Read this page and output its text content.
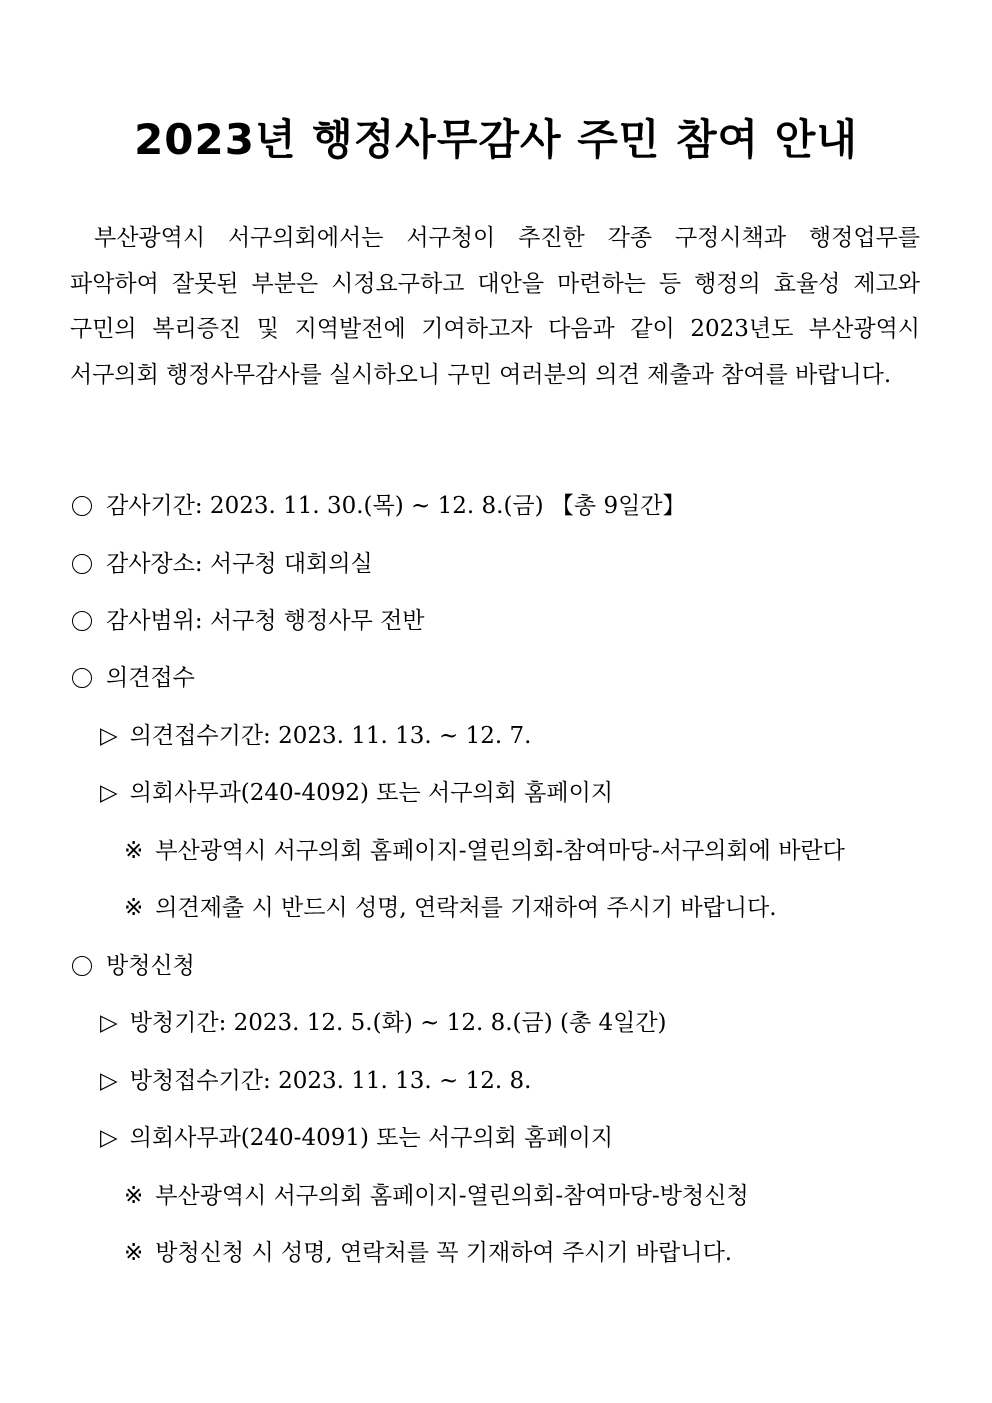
2023년 행정사무감사 주민 참여 안내

부산광역시 서구의회에서는 서구청이 추진한 각종 구정시책과 행정업무를 파악하여 잘못된 부분은 시정요구하고 대안을 마련하는 등 행정의 효율성 제고와 구민의 복리증진 및 지역발전에 기여하고자 다음과 같이 2023년도 부산광역시 서구의회 행정사무감사를 실시하오니 구민 여러분의 의견 제출과 참여를 바랍니다.

감사기간: 2023. 11. 30.(목) ~ 12. 8.(금) 【총 9일간】
감사장소: 서구청 대회의실
감사범위: 서구청 행정사무 전반
의견접수
▷ 의견접수기간: 2023. 11. 13. ~ 12. 7.
▷ 의회사무과(240-4092) 또는 서구의회 홈페이지
※ 부산광역시 서구의회 홈페이지-열린의회-참여마당-서구의회에 바란다
※ 의견제출 시 반드시 성명, 연락처를 기재하여 주시기 바랍니다.
방청신청
▷ 방청기간: 2023. 12. 5.(화) ~ 12. 8.(금) (총 4일간)
▷ 방청접수기간: 2023. 11. 13. ~ 12. 8.
▷ 의회사무과(240-4091) 또는 서구의회 홈페이지
※ 부산광역시 서구의회 홈페이지-열린의회-참여마당-방청신청
※ 방청신청 시 성명, 연락처를 꼭 기재하여 주시기 바랍니다.
